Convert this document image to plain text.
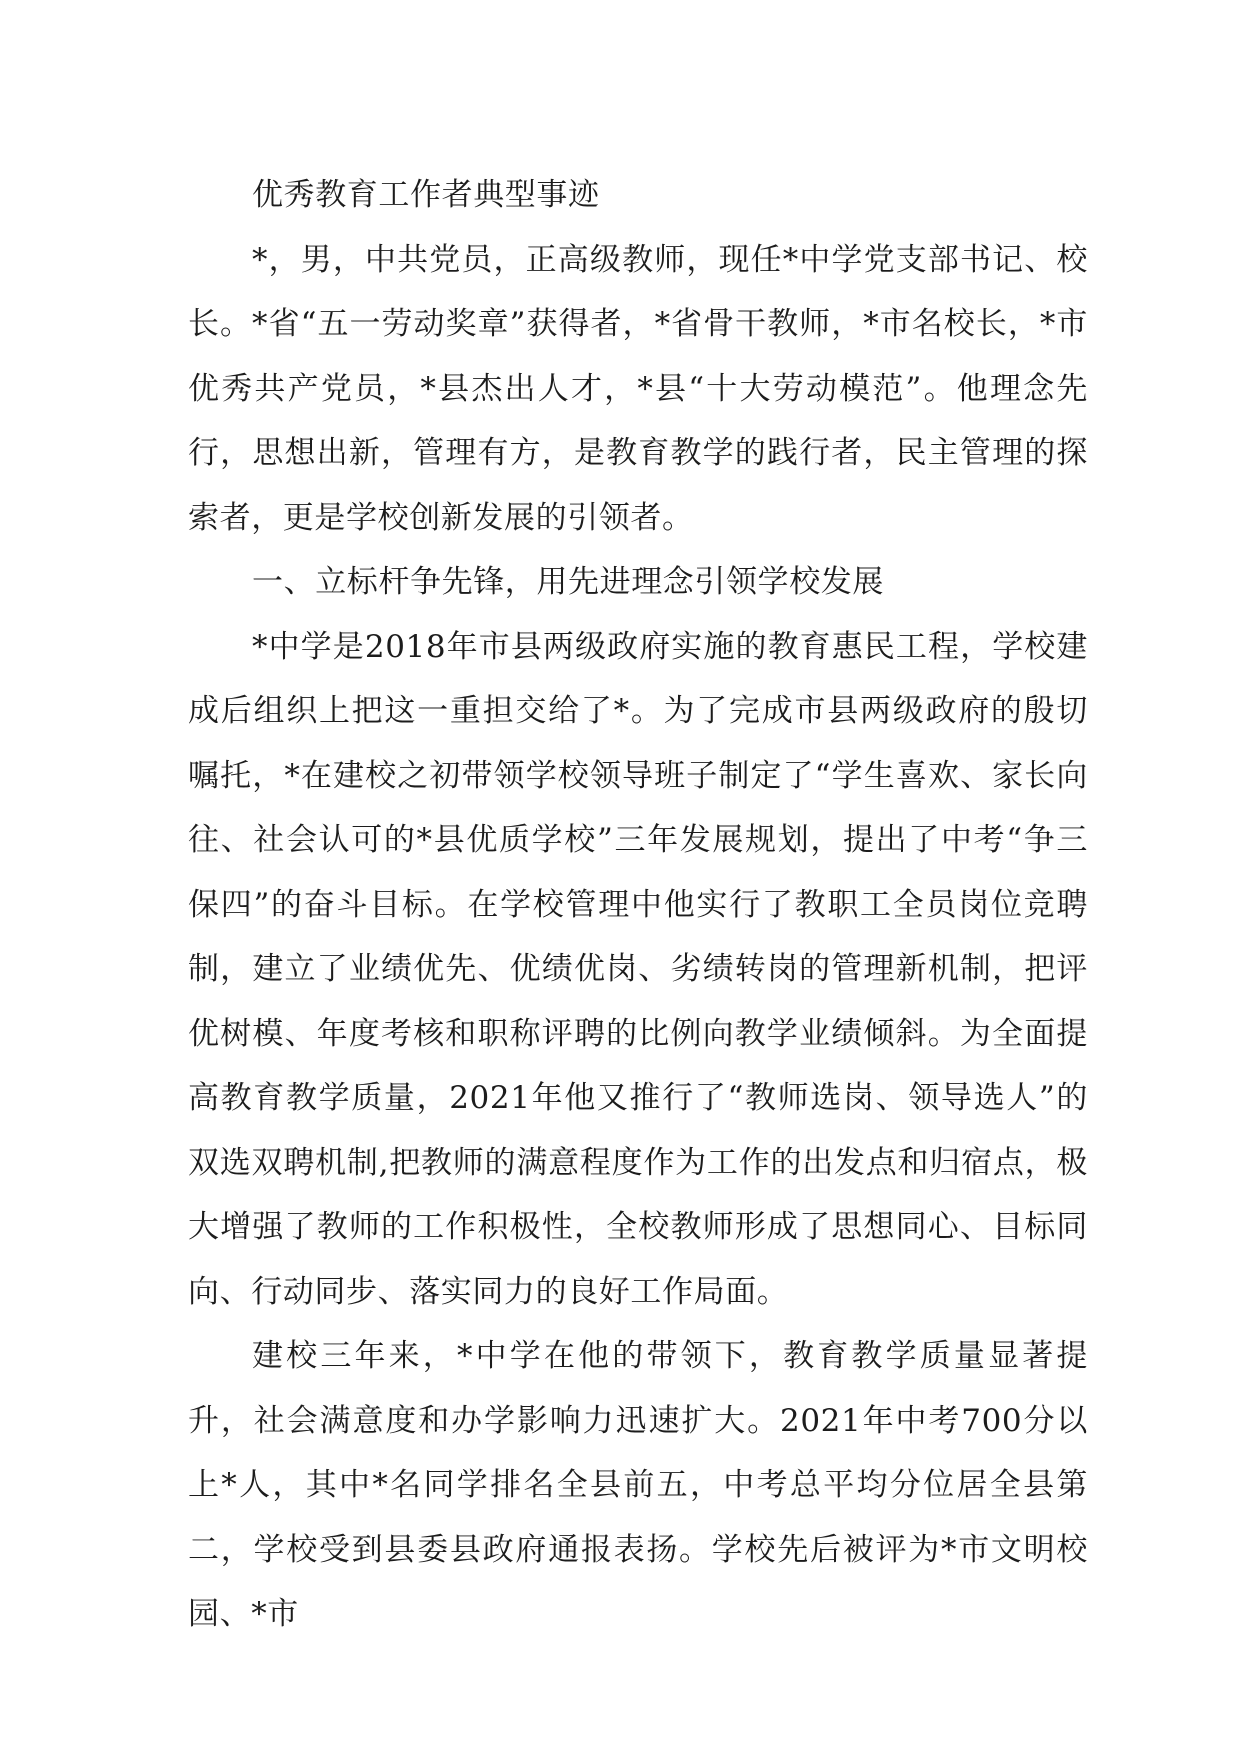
优秀教育工作者典型事迹

*，男，中共党员，正高级教师，现任*中学党支部书记、校长。*省“五一劳动奖章”获得者，*省骨干教师，*市名校长，*市优秀共产党员，*县杰出人才，*县“十大劳动模范”。他理念先行，思想出新，管理有方，是教育教学的践行者，民主管理的探索者，更是学校创新发展的引领者。

一、立标杆争先锋，用先进理念引领学校发展

*中学是2018年市县两级政府实施的教育惠民工程，学校建成后组织上把这一重担交给了*。为了完成市县两级政府的殷切嘱托，*在建校之初带领学校领导班子制定了“学生喜欢、家长向往、社会认可的*县优质学校”三年发展规划，提出了中考“争三保四”的奋斗目标。在学校管理中他实行了教职工全员岗位竞聘制，建立了业绩优先、优绩优岗、劣绩转岗的管理新机制，把评优树模、年度考核和职称评聘的比例向教学业绩倾斜。为全面提高教育教学质量，2021年他又推行了“教师选岗、领导选人”的双选双聘机制,把教师的满意程度作为工作的出发点和归宿点，极大增强了教师的工作积极性，全校教师形成了思想同心、目标同向、行动同步、落实同力的良好工作局面。

建校三年来，*中学在他的带领下，教育教学质量显著提升，社会满意度和办学影响力迅速扩大。2021年中考700分以上*人，其中*名同学排名全县前五，中考总平均分位居全县第二，学校受到县委县政府通报表扬。学校先后被评为*市文明校园、*市
